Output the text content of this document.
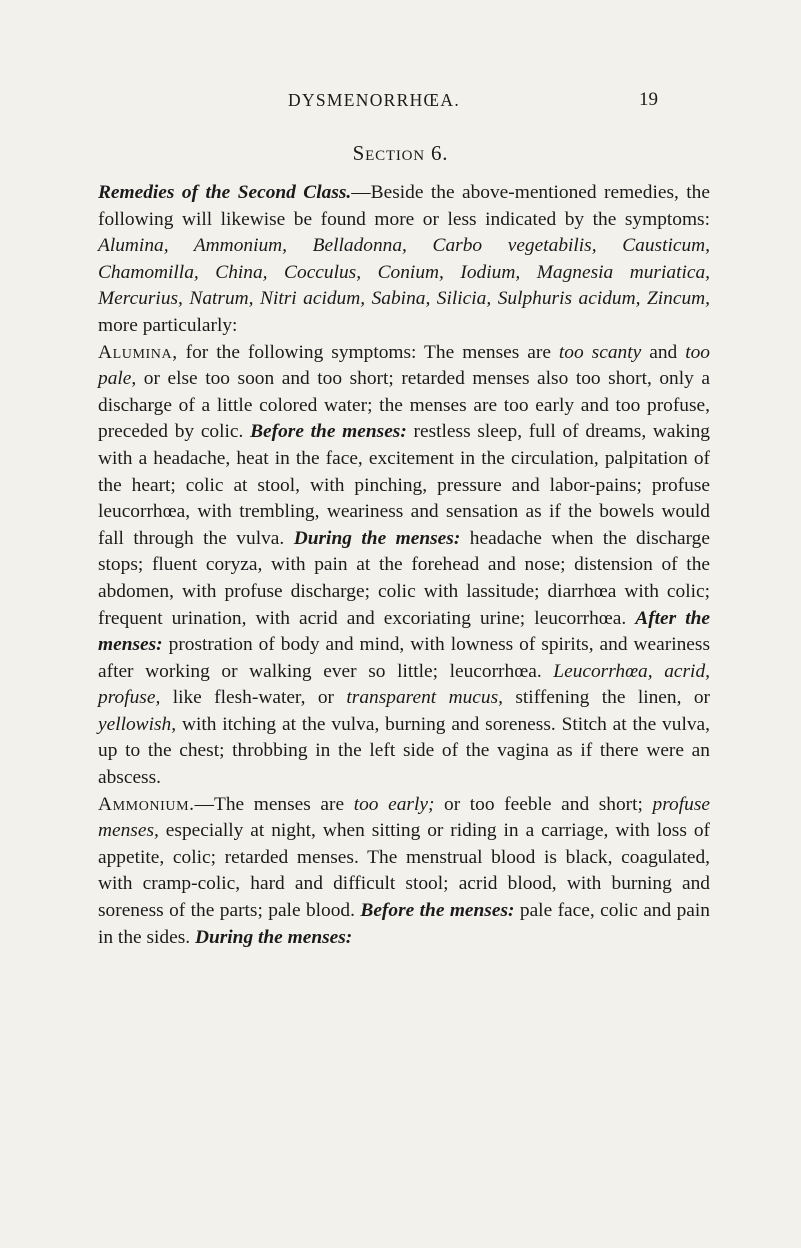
DYSMENORRHŒA.	19
Section 6.

Remedies of the Second Class.—Beside the above-mentioned remedies, the following will likewise be found more or less indicated by the symptoms: Alumina, Ammonium, Belladonna, Carbo vegetabilis, Causticum, Chamomilla, China, Cocculus, Conium, Iodium, Magnesia muriatica, Mercurius, Natrum, Nitri acidum, Sabina, Silicia, Sulphuris acidum, Zincum, more particularly:

Alumina, for the following symptoms: The menses are too scanty and too pale, or else too soon and too short; retarded menses also too short, only a discharge of a little colored water; the menses are too early and too profuse, preceded by colic. Before the menses: restless sleep, full of dreams, waking with a headache, heat in the face, excitement in the circulation, palpitation of the heart; colic at stool, with pinching, pressure and labor-pains; profuse leucorrhœa, with trembling, weariness and sensation as if the bowels would fall through the vulva. During the menses: headache when the discharge stops; fluent coryza, with pain at the forehead and nose; distension of the abdomen, with profuse discharge; colic with lassitude; diarrhœa with colic; frequent urination, with acrid and excoriating urine; leucorrhœa. After the menses: prostration of body and mind, with lowness of spirits, and weariness after working or walking ever so little; leucorrhœa. Leucorrhœa, acrid, profuse, like flesh-water, or transparent mucus, stiffening the linen, or yellowish, with itching at the vulva, burning and soreness. Stitch at the vulva, up to the chest; throbbing in the left side of the vagina as if there were an abscess.

Ammonium.—The menses are too early; or too feeble and short; profuse menses, especially at night, when sitting or riding in a carriage, with loss of appetite, colic; retarded menses. The menstrual blood is black, coagulated, with cramp-colic, hard and difficult stool; acrid blood, with burning and soreness of the parts; pale blood. Before the menses: pale face, colic and pain in the sides. During the menses:
